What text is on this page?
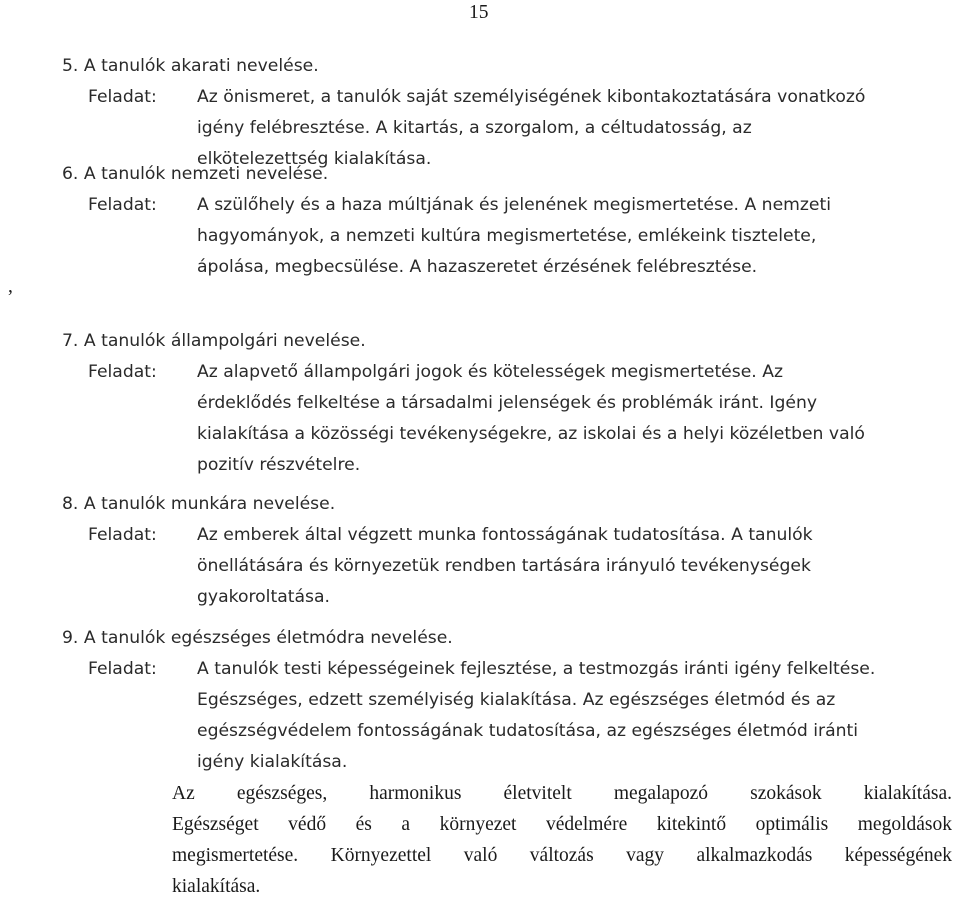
15
,
5. A tanulók akarati nevelése.
Feladat:	Az önismeret, a tanulók saját személyiségének kibontakoztatására vonatkozó
igény felébresztése. A kitartás, a szorgalom, a céltudatosság, az
elkötelezettség kialakítása.
6. A tanulók nemzeti nevelése.
Feladat:	A szülőhely és a haza múltjának és jelenének megismertetése. A nemzeti
hagyományok, a nemzeti kultúra megismertetése, emlékeink tisztelete,
ápolása, megbecsülése. A hazaszeretet érzésének felébresztése.
7. A tanulók állampolgári nevelése.
Feladat:	Az alapvető állampolgári jogok és kötelességek megismertetése. Az
érdeklődés felkeltése a társadalmi jelenségek és problémák iránt. Igény
kialakítása a közösségi tevékenységekre, az iskolai és a helyi közéletben való
pozitív részvételre.
8. A tanulók munkára nevelése.
Feladat:	Az emberek által végzett munka fontosságának tudatosítása. A tanulók
önellátására és környezetük rendben tartására irányuló tevékenységek
gyakoroltatása.
9. A tanulók egészséges életmódra nevelése.
Feladat:	A tanulók testi képességeinek fejlesztése, a testmozgás iránti igény felkeltése.
Egészséges, edzett személyiség kialakítása. Az egészséges életmód és az
egészségvédelem fontosságának tudatosítása, az egészséges életmód iránti
igény kialakítása.
Az egészséges, harmonikus életvitelt megalapozó szokások kialakítása.
Egészséget védő és a környezet védelmére kitekintő optimális megoldások
megismertetése. Környezettel való változás vagy alkalmazkodás képességének
kialakítása.
